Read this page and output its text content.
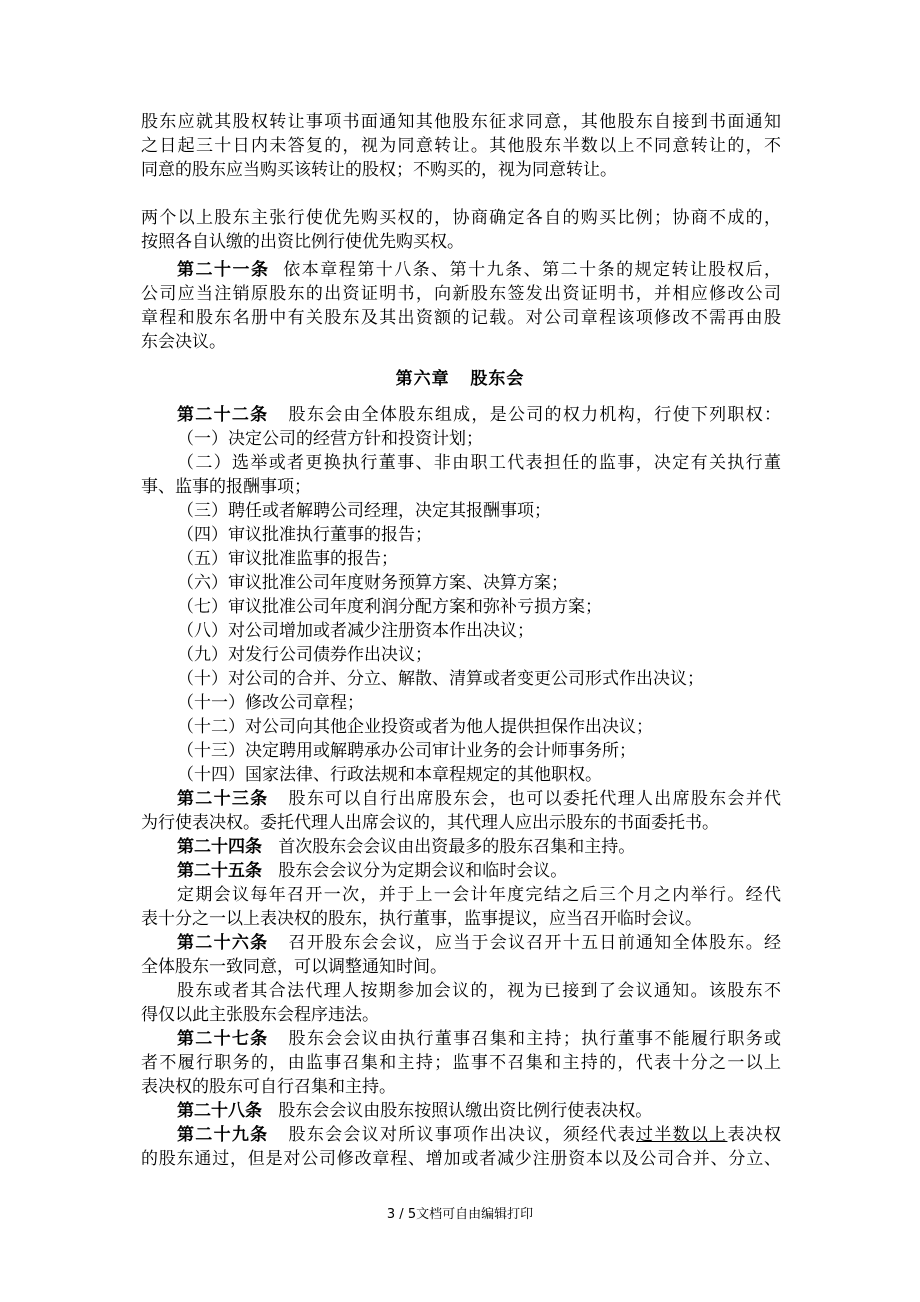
股东应就其股权转让事项书面通知其他股东征求同意，其他股东自接到书面通知
之日起三十日内未答复的，视为同意转让。其他股东半数以上不同意转让的，不
同意的股东应当购买该转让的股权；不购买的，视为同意转让。

两个以上股东主张行使优先购买权的，协商确定各自的购买比例；协商不成的，
按照各自认缴的出资比例行使优先购买权。
第二十一条 依本章程第十八条、第十九条、第二十条的规定转让股权后，
公司应当注销原股东的出资证明书，向新股东签发出资证明书，并相应修改公司
章程和股东名册中有关股东及其出资额的记载。对公司章程该项修改不需再由股
东会决议。
第六章 股东会
第二十二条 股东会由全体股东组成，是公司的权力机构，行使下列职权：
（一）决定公司的经营方针和投资计划；
（二）选举或者更换执行董事、非由职工代表担任的监事，决定有关执行董
事、监事的报酬事项；
（三）聘任或者解聘公司经理，决定其报酬事项；
（四）审议批准执行董事的报告；
（五）审议批准监事的报告；
（六）审议批准公司年度财务预算方案、决算方案；
（七）审议批准公司年度利润分配方案和弥补亏损方案；
（八）对公司增加或者减少注册资本作出决议；
（九）对发行公司债券作出决议；
（十）对公司的合并、分立、解散、清算或者变更公司形式作出决议；
（十一）修改公司章程；
（十二）对公司向其他企业投资或者为他人提供担保作出决议；
（十三）决定聘用或解聘承办公司审计业务的会计师事务所；
（十四）国家法律、行政法规和本章程规定的其他职权。
第二十三条 股东可以自行出席股东会，也可以委托代理人出席股东会并代
为行使表决权。委托代理人出席会议的，其代理人应出示股东的书面委托书。
第二十四条 首次股东会会议由出资最多的股东召集和主持。
第二十五条 股东会会议分为定期会议和临时会议。
定期会议每年召开一次，并于上一会计年度完结之后三个月之内举行。经代
表十分之一以上表决权的股东，执行董事，监事提议，应当召开临时会议。
第二十六条 召开股东会会议，应当于会议召开十五日前通知全体股东。经
全体股东一致同意，可以调整通知时间。
股东或者其合法代理人按期参加会议的，视为已接到了会议通知。该股东不
得仅以此主张股东会程序违法。
第二十七条 股东会会议由执行董事召集和主持；执行董事不能履行职务或
者不履行职务的，由监事召集和主持；监事不召集和主持的，代表十分之一以上
表决权的股东可自行召集和主持。
第二十八条 股东会会议由股东按照认缴出资比例行使表决权。
第二十九条 股东会会议对所议事项作出决议，须经代表过半数以上表决权
的股东通过，但是对公司修改章程、增加或者减少注册资本以及公司合并、分立、
3 / 5文档可自由编辑打印
